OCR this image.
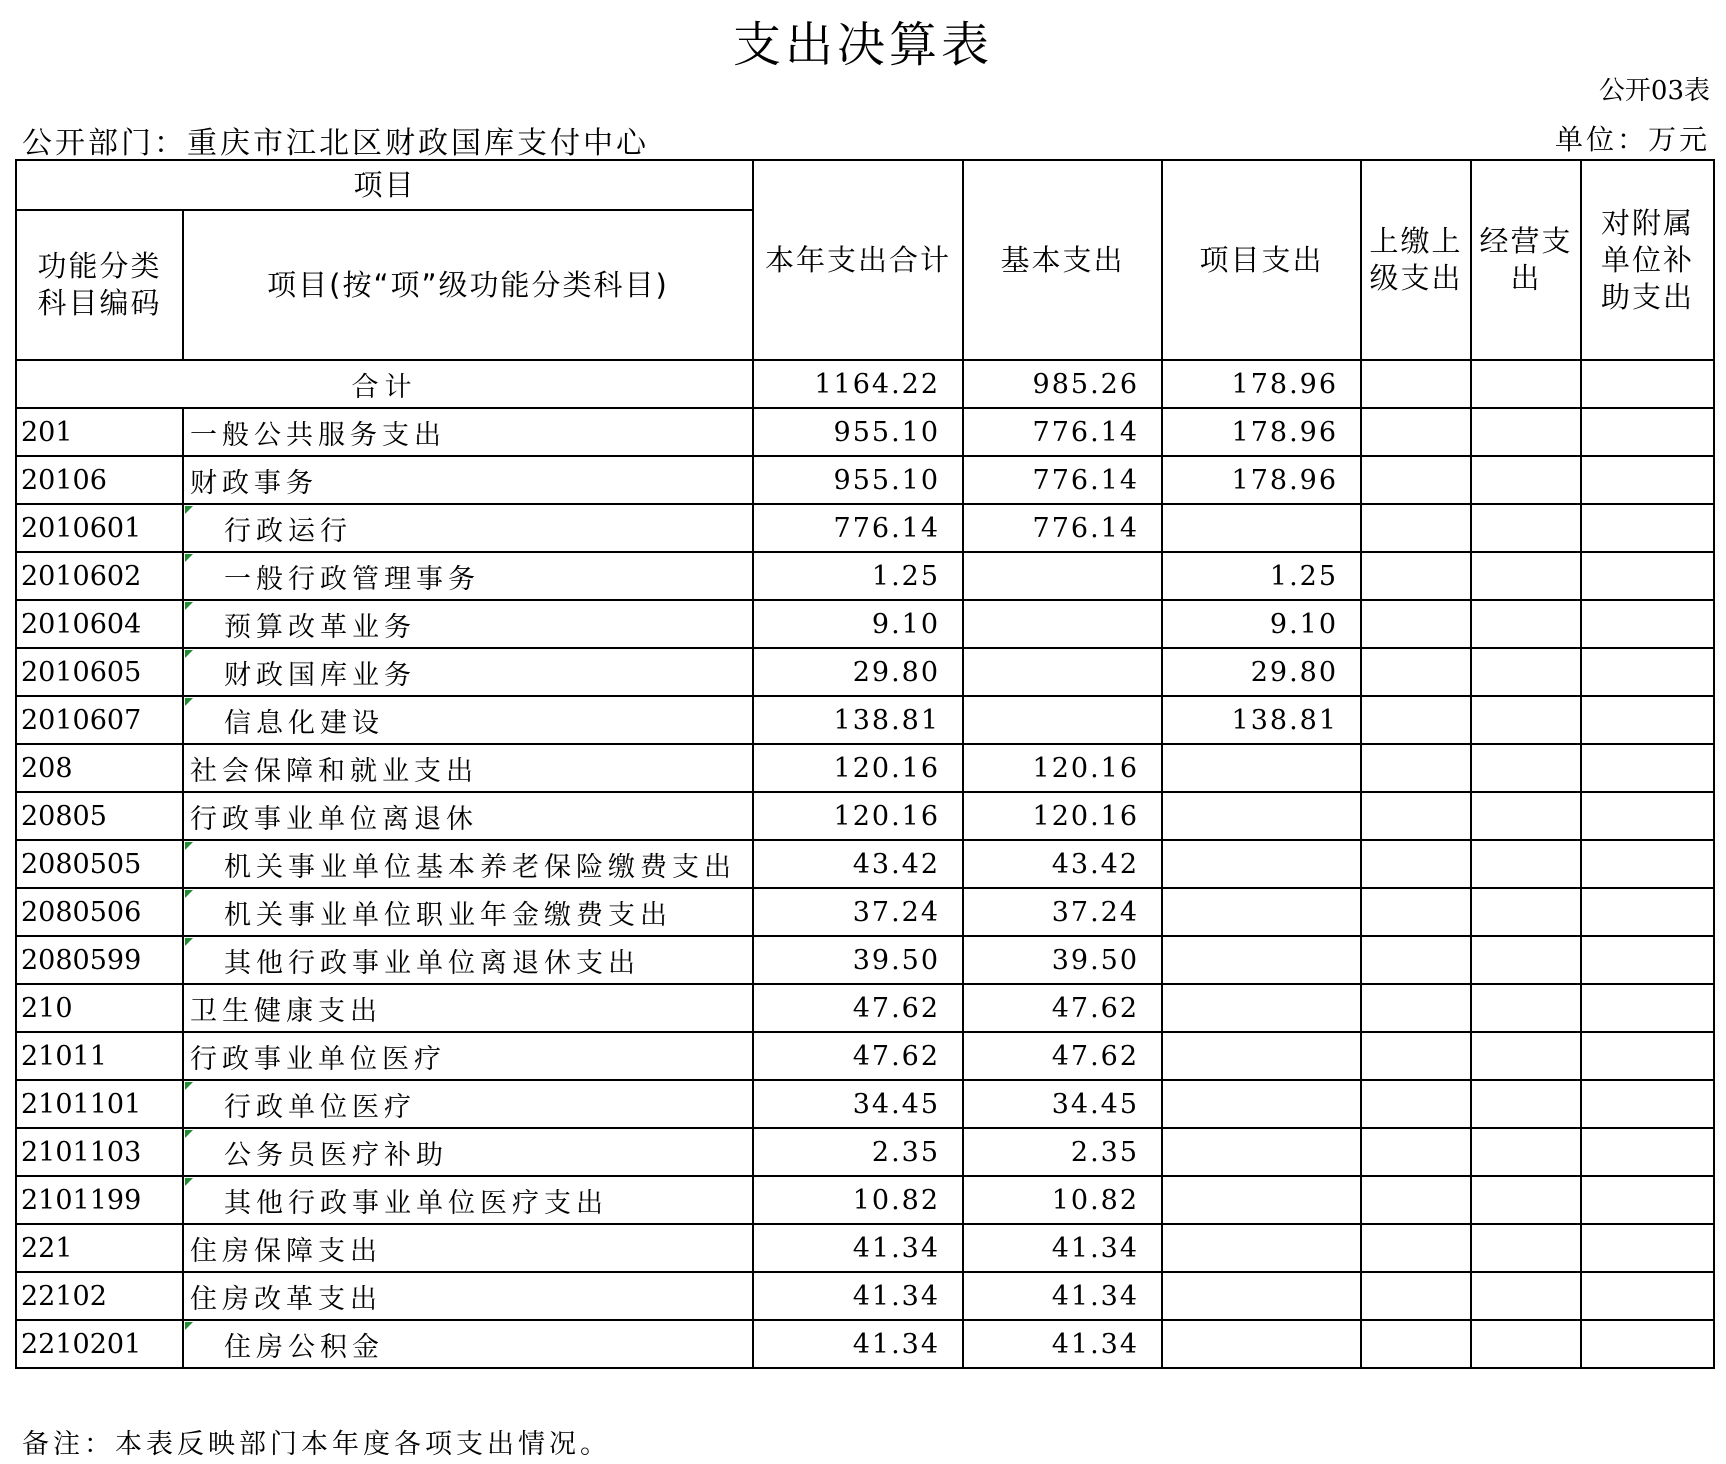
支出决算表
公开03表
公开部门：重庆市江北区财政国库支付中心	单位：万元
项目		本年支出合计	基本支出	项目支出	上缴上级支出	经营支出	对附属单位补助支出
功能分类科目编码	项目(按“项”级功能分类科目)						
合计		1164.22	985.26	178.96			
201	一般公共服务支出	955.10	776.14	178.96			
20106	财政事务	955.10	776.14	178.96			
2010601	行政运行	776.14	776.14				
2010602	一般行政管理事务	1.25		1.25			
2010604	预算改革业务	9.10		9.10			
2010605	财政国库业务	29.80		29.80			
2010607	信息化建设	138.81		138.81			
208	社会保障和就业支出	120.16	120.16				
20805	行政事业单位离退休	120.16	120.16				
2080505	机关事业单位基本养老保险缴费支出	43.42	43.42				
2080506	机关事业单位职业年金缴费支出	37.24	37.24				
2080599	其他行政事业单位离退休支出	39.50	39.50				
210	卫生健康支出	47.62	47.62				
21011	行政事业单位医疗	47.62	47.62				
2101101	行政单位医疗	34.45	34.45				
2101103	公务员医疗补助	2.35	2.35				
2101199	其他行政事业单位医疗支出	10.82	10.82				
221	住房保障支出	41.34	41.34				
22102	住房改革支出	41.34	41.34				
2210201	住房公积金	41.34	41.34				
备注：本表反映部门本年度各项支出情况。
